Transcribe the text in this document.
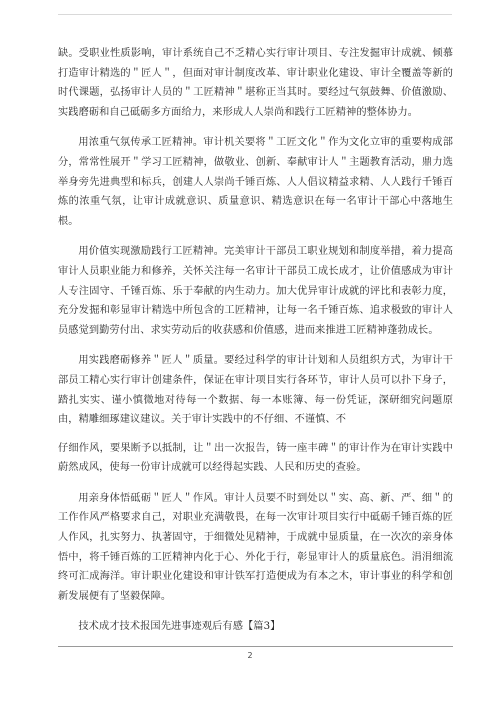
缺。受职业性质影响，审计系统自己不乏精心实行审计项目、专注发掘审计成就、倾慕打造审计精选的＂匠人＂，但面对审计制度改革、审计职业化建设、审计全覆盖等新的时代课题，弘扬审计人员的＂工匠精神＂堪称正当其时。要经过气氛鼓舞、价值激励、实践磨砺和自己砥砺多方面给力，来形成人人崇尚和践行工匠精神的整体协力。

用浓重气氛传承工匠精神。审计机关要将＂工匠文化＂作为文化立审的重要构成部分，常常性展开＂学习工匠精神，做敬业、创新、奉献审计人＂主题教育活动，鼎力选举身旁先进典型和标兵，创建人人崇尚千锤百炼、人人倡议精益求精、人人践行千锤百炼的浓重气氛，让审计成就意识、质量意识、精选意识在每一名审计干部心中落地生根。

用价值实现激励践行工匠精神。完美审计干部员工职业规划和制度举措，着力提高审计人员职业能力和修养，关怀关注每一名审计干部员工成长成才，让价值感成为审计人专注固守、千锤百炼、乐于奉献的内生动力。加大优异审计成就的评比和表彰力度，充分发掘和彰显审计精选中所包含的工匠精神，让每一名千锤百炼、追求极致的审计人员感觉到勤劳付出、求实劳动后的收获感和价值感，进而来推进工匠精神蓬勃成长。

用实践磨砺修养＂匠人＂质量。要经过科学的审计计划和人员组织方式，为审计干部员工精心实行审计创建条件，保证在审计项目实行各环节，审计人员可以扑下身子，踏扎实实、谨小慎微地对待每一个数据、每一本账簿、每一份凭证，深研细究问题原由，精雕细琢建议建议。关于审计实践中的不仔细、不谨慎、不

仔细作风，要果断予以抵制，让＂出一次报告，铸一座丰碑＂的审计作为在审计实践中蔚然成风，使每一份审计成就可以经得起实践、人民和历史的查验。

用亲身体悟砥砺＂匠人＂作风。审计人员要不时到处以＂实、高、新、严、细＂的工作作风严格要求自己，对职业充满敬畏，在每一次审计项目实行中砥砺千锤百炼的匠人作风，扎实努力、执著固守，于细微处见精神，于成就中显质量，在一次次的亲身体悟中，将千锤百炼的工匠精神内化于心、外化于行，彰显审计人的质量底色。涓涓细流终可汇成海洋。审计职业化建设和审计铁军打造便成为有本之木，审计事业的科学和创新发展便有了坚毅保障。

技术成才技术报国先进事迹观后有感【篇3】

2
